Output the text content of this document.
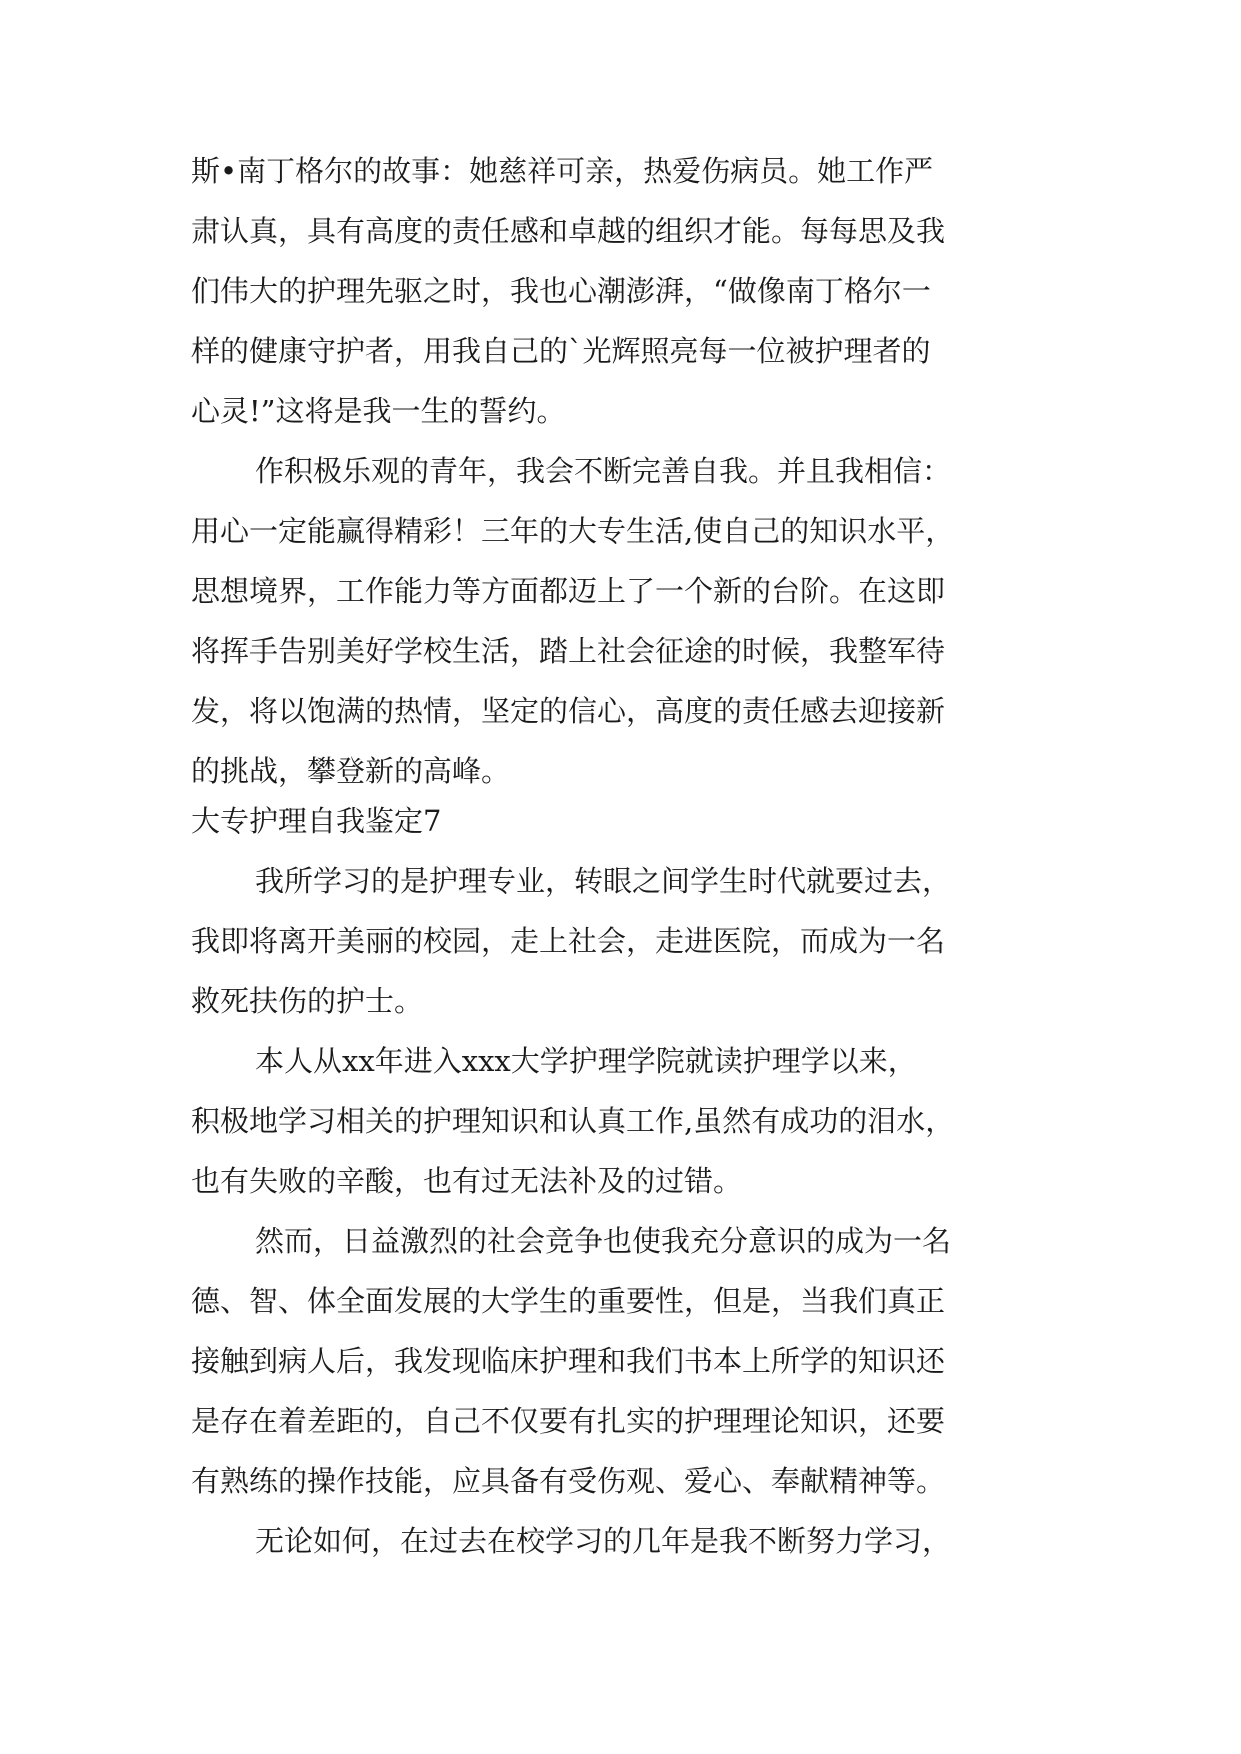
斯•南丁格尔的故事：她慈祥可亲，热爱伤病员。她工作严
肃认真，具有高度的责任感和卓越的组织才能。每每思及我
们伟大的护理先驱之时，我也心潮澎湃，“做像南丁格尔一
样的健康守护者，用我自己的`光辉照亮每一位被护理者的
心灵!”这将是我一生的誓约。
作积极乐观的青年，我会不断完善自我。并且我相信：
用心一定能赢得精彩！三年的大专生活,使自己的知识水平，
思想境界，工作能力等方面都迈上了一个新的台阶。在这即
将挥手告别美好学校生活，踏上社会征途的时候，我整军待
发，将以饱满的热情，坚定的信心，高度的责任感去迎接新
的挑战，攀登新的高峰。
大专护理自我鉴定7
我所学习的是护理专业，转眼之间学生时代就要过去，
我即将离开美丽的校园，走上社会，走进医院，而成为一名
救死扶伤的护士。
本人从xx年进入xxx大学护理学院就读护理学以来，
积极地学习相关的护理知识和认真工作,虽然有成功的泪水，
也有失败的辛酸，也有过无法补及的过错。
然而，日益激烈的社会竞争也使我充分意识的成为一名
德、智、体全面发展的大学生的重要性，但是，当我们真正
接触到病人后，我发现临床护理和我们书本上所学的知识还
是存在着差距的，自己不仅要有扎实的护理理论知识，还要
有熟练的操作技能，应具备有受伤观、爱心、奉献精神等。
无论如何，在过去在校学习的几年是我不断努力学习，
